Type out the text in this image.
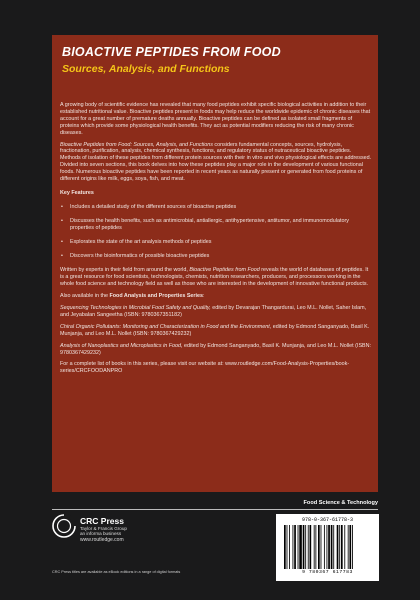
BIOACTIVE PEPTIDES FROM FOOD
Sources, Analysis, and Functions

A growing body of scientific evidence has revealed that many food peptides exhibit specific biological activities in addition to their established nutritional value. Bioactive peptides present in foods may help reduce the worldwide epidemic of chronic diseases that account for a great number of premature deaths annually. Bioactive peptides can be defined as isolated small fragments of proteins which provide some physiological health benefits. They act as potential modifiers reducing the risk of many chronic diseases.

Bioactive Peptides from Food: Sources, Analysis, and Functions considers fundamental concepts, sources, hydrolysis, fractionation, purification, analysis, chemical synthesis, functions, and regulatory status of nutraceutical bioactive peptides. Methods of isolation of these peptides from different protein sources with their in vitro and vivo physiological effects are addressed. Divided into seven sections, this book delves into how these peptides play a major role in the development of various functional foods. Numerous bioactive peptides have been reported in recent years as naturally present or generated from food proteins of different origins like milk, eggs, soya, fish, and meat.

Key Features
• Includes a detailed study of the different sources of bioactive peptides
• Discusses the health benefits, such as antimicrobial, antiallergic, antihypertensive, antitumor, and immunomodulatory properties of peptides
• Explorates the state of the art analysis methods of peptides
• Discovers the bioinformatics of possible bioactive peptides

Written by experts in their field from around the world, Bioactive Peptides from Food reveals the world of databases of peptides. It is a great resource for food scientists, technologists, chemists, nutrition researchers, producers, and processors working in the whole food science and technology field as well as those who are interested in the development of innovative functional products.

Also available in the Food Analysis and Properties Series:

Sequencing Technologies in Microbial Food Safety and Quality, edited by Devarajan Thangardurai, Leo M.L. Nollet, Saher Islam, and Jeyabalan Sangeetha (ISBN: 9780367351182)

Chiral Organic Pollutants: Monitoring and Characterization in Food and the Environment, edited by Edmond Sanganyado, Basil K. Munjanja, and Leo M.L. Nollet (ISBN: 9780367429232)

Analysis of Nanoplastics and Microplastics in Food, edited by Edmond Sanganyado, Basil K. Munjanja, and Leo M.L. Nollet (ISBN: 9780367429232)

For a complete list of books in this series, please visit our website at: www.routledge.com/Food-Analysis-Properties/book-series/CRCFOODANPRO

Food Science & Technology
CRC Press
Taylor & Francis Group
an informa business
www.routledge.com
CRC Press titles are available as eBook editions in a range of digital formats
978-0-367-61778-3
9 780367 617783
